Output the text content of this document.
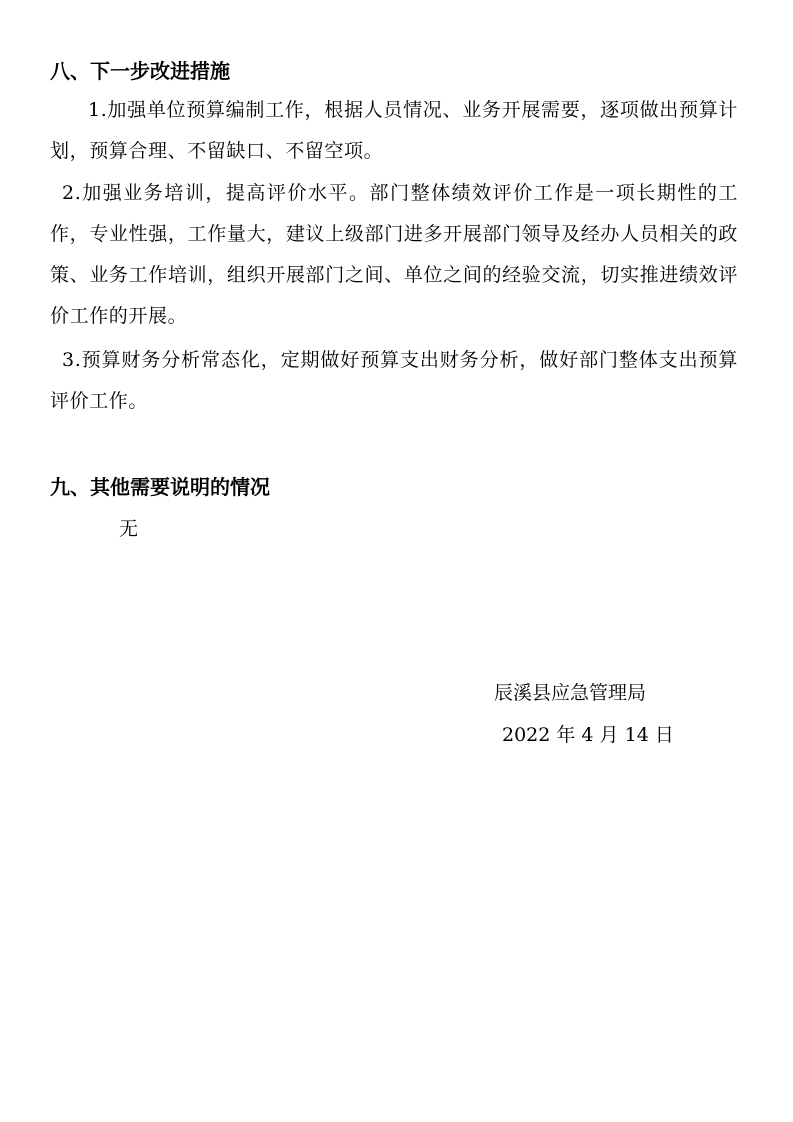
八、下一步改进措施
1.加强单位预算编制工作，根据人员情况、业务开展需要，逐项做出预算计划，预算合理、不留缺口、不留空项。
2.加强业务培训，提高评价水平。部门整体绩效评价工作是一项长期性的工作，专业性强，工作量大，建议上级部门进多开展部门领导及经办人员相关的政策、业务工作培训，组织开展部门之间、单位之间的经验交流，切实推进绩效评价工作的开展。
3.预算财务分析常态化，定期做好预算支出财务分析，做好部门整体支出预算评价工作。
九、其他需要说明的情况
无
辰溪县应急管理局
2022 年 4 月 14 日
